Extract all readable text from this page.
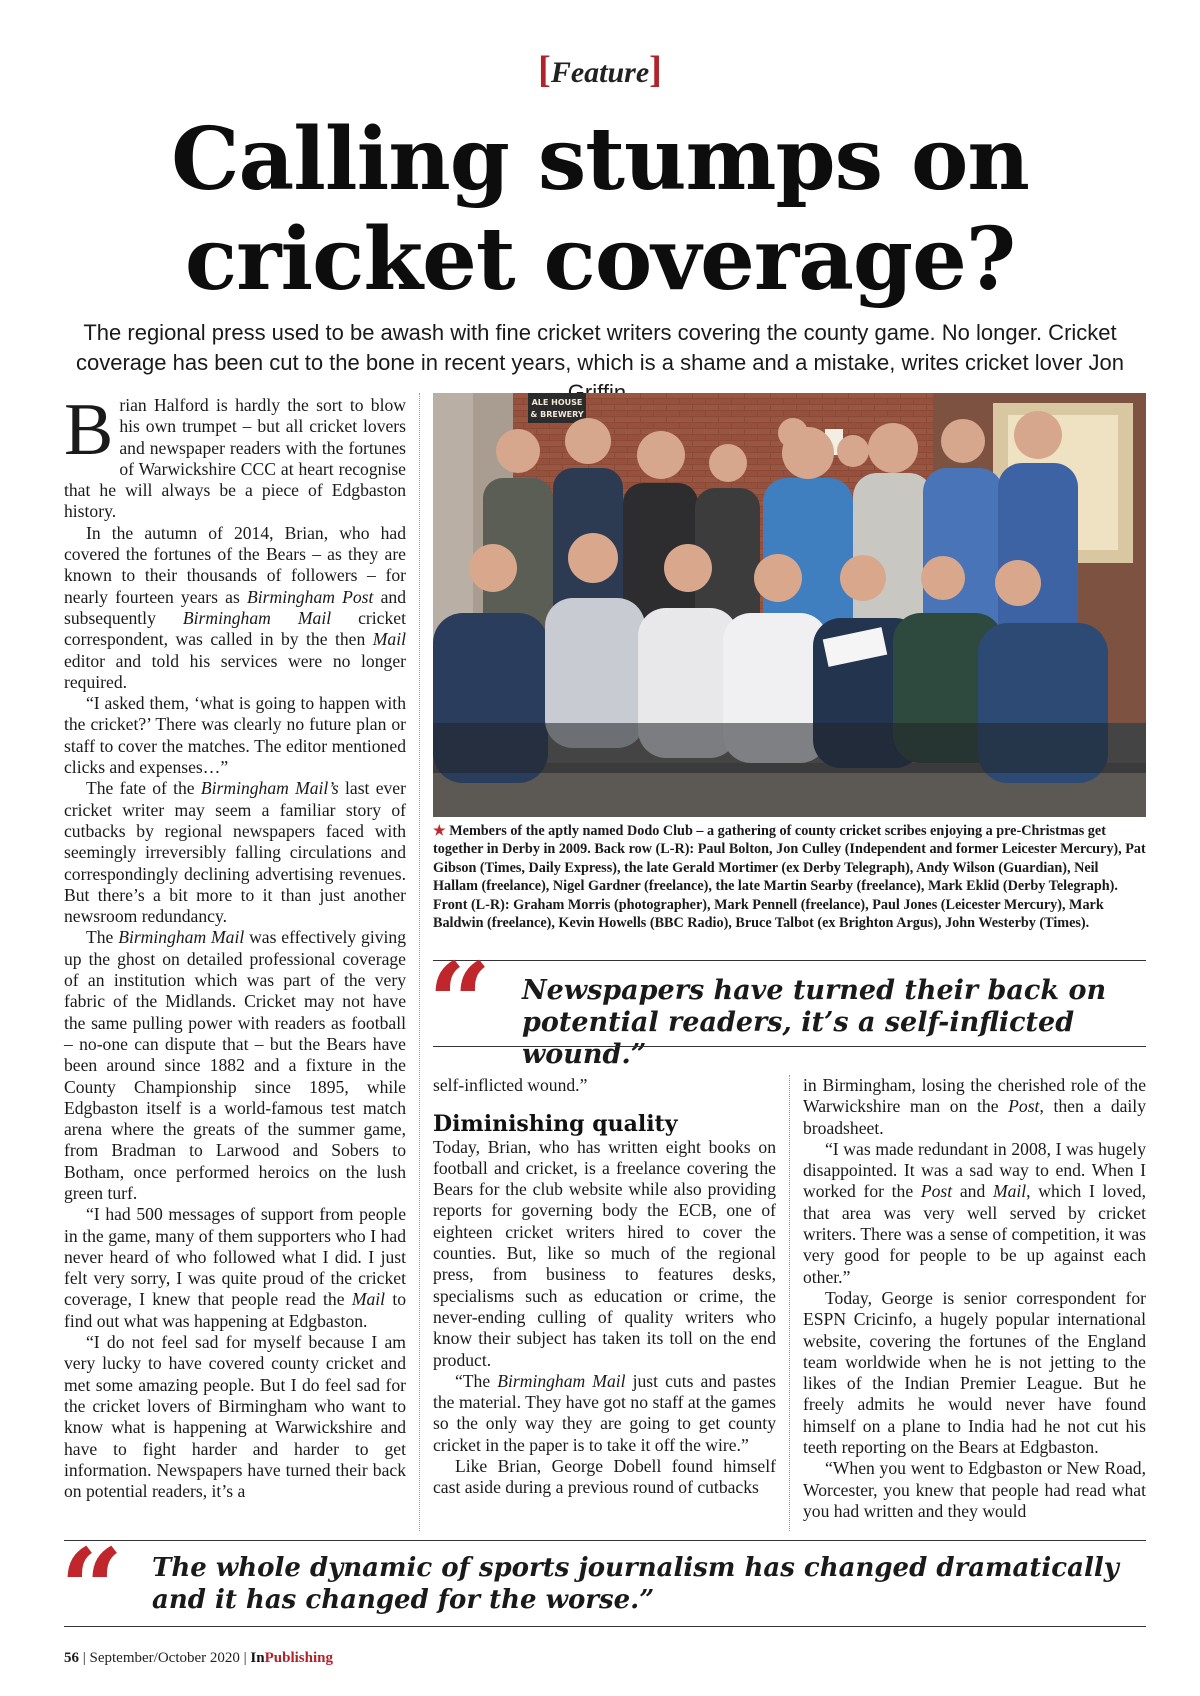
[Feature]
Calling stumps on cricket coverage?
The regional press used to be awash with fine cricket writers covering the county game. No longer. Cricket coverage has been cut to the bone in recent years, which is a shame and a mistake, writes cricket lover Jon

Brian Halford is hardly the sort to blow his own trumpet – but all cricket lovers and newspaper readers with the fortunes of Warwickshire CCC at heart recognise that he will always be a piece of Edgbaston history.

In the autumn of 2014, Brian, who had covered the fortunes of the Bears – as they are known to their thousands of followers – for nearly fourteen years as Birmingham Post and subsequently Birmingham Mail cricket correspondent, was called in by the then Mail editor and told his services were no longer required.

“I asked them, ‘what is going to happen with the cricket?’ There was clearly no future plan or staff to cover the matches. The editor mentioned clicks and expenses…”

The fate of the Birmingham Mail’s last ever cricket writer may seem a familiar story of cutbacks by regional newspapers faced with seemingly irreversibly falling circulations and correspondingly declining advertising revenues. But there’s a bit more to it than just another newsroom redundancy.

The Birmingham Mail was effectively giving up the ghost on detailed professional coverage of an institution which was part of the very fabric of the Midlands. Cricket may not have the same pulling power with readers as football – no-one can dispute that – but the Bears have been around since 1882 and a fixture in the County Championship since 1895, while Edgbaston itself is a world-famous test match arena where the greats of the summer game, from Bradman to Larwood and Sobers to Botham, once performed heroics on the lush green turf.

“I had 500 messages of support from people in the game, many of them supporters who I had never heard of who followed what I did. I just felt very sorry, I was quite proud of the cricket coverage, I knew that people read the Mail to find out what was happening at Edgbaston.

“I do not feel sad for myself because I am very lucky to have covered county cricket and met some amazing people. But I do feel sad for the cricket lovers of Birmingham who want to know what is happening at Warwickshire and have to fight harder and harder to get information. Newspapers have turned their back on potential readers, it’s a

ALE HOUSE
& BREWERY
★ Members of the aptly named Dodo Club – a gathering of county cricket scribes enjoying a pre-Christmas get together in Derby in 2009. Back row (L-R): Paul Bolton, Jon Culley (Independent and former Leicester Mercury), Pat Gibson (Times, Daily Express), the late Gerald Mortimer (ex Derby Telegraph), Andy Wilson (Guardian), Neil Hallam (freelance), Nigel Gardner (freelance), the late Martin Searby (freelance), Mark Eklid (Derby Telegraph). Front (L-R): Graham Morris (photographer), Mark Pennell (freelance), Paul Jones (Leicester Mercury), Mark Baldwin (freelance), Kevin Howells (BBC Radio), Bruce Talbot (ex Brighton Argus), John Westerby (Times).
“ Newspapers have turned their back on potential readers, it’s a self-inflicted wound.”

self-inflicted wound.”

Diminishing quality

Today, Brian, who has written eight books on football and cricket, is a freelance covering the Bears for the club website while also providing reports for governing body the ECB, one of eighteen cricket writers hired to cover the counties. But, like so much of the regional press, from business to features desks, specialisms such as education or crime, the never-ending culling of quality writers who know their subject has taken its toll on the end product.

“The Birmingham Mail just cuts and pastes the material. They have got no staff at the games so the only way they are going to get county cricket in the paper is to take it off the wire.”

Like Brian, George Dobell found himself cast aside during a previous round of cutbacks

in Birmingham, losing the cherished role of the Warwickshire man on the Post, then a daily broadsheet.

“I was made redundant in 2008, I was hugely disappointed. It was a sad way to end. When I worked for the Post and Mail, which I loved, that area was very well served by cricket writers. There was a sense of competition, it was very good for people to be up against each other.”

Today, George is senior correspondent for ESPN Cricinfo, a hugely popular international website, covering the fortunes of the England team worldwide when he is not jetting to the likes of the Indian Premier League. But he freely admits he would never have found himself on a plane to India had he not cut his teeth reporting on the Bears at Edgbaston.

“When you went to Edgbaston or New Road, Worcester, you knew that people had read what you had written and they would

“ The whole dynamic of sports journalism has changed dramatically and it has changed for the worse.”
56 | September/October 2020 | InPublishing
